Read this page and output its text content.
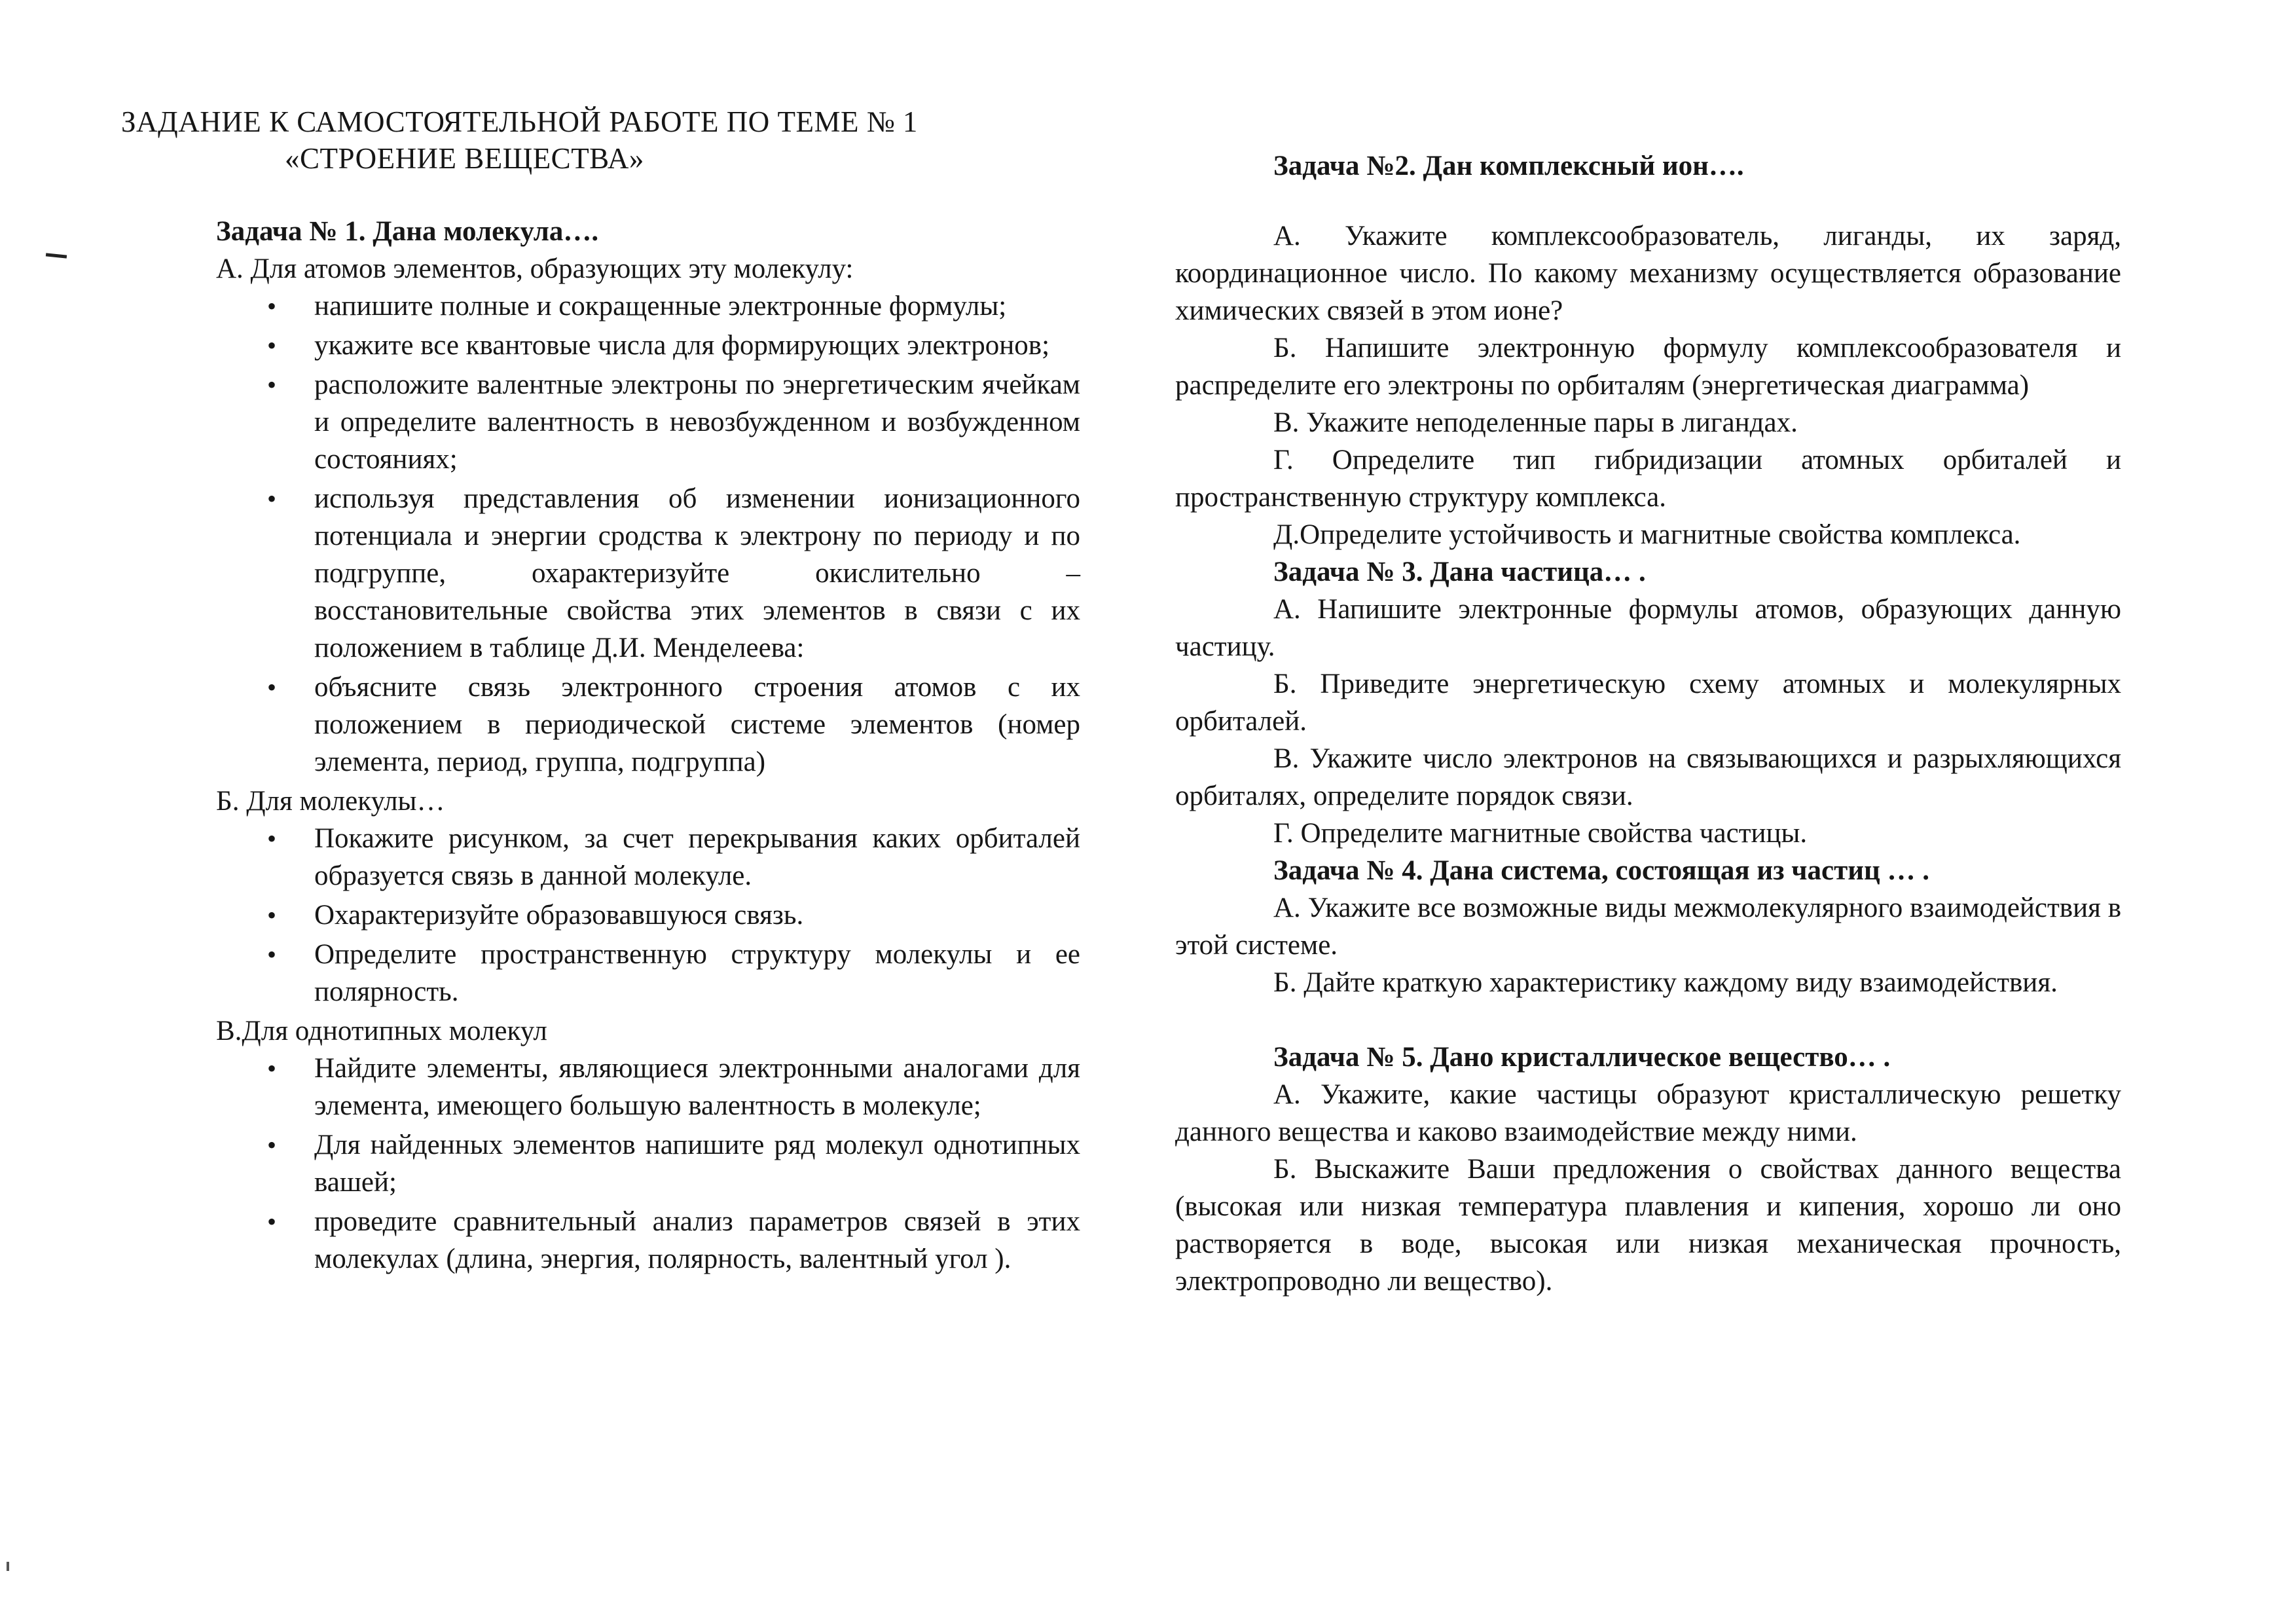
ЗАДАНИЕ К САМОСТОЯТЕЛЬНОЙ РАБОТЕ ПО ТЕМЕ № 1
«СТРОЕНИЕ ВЕЩЕСТВА»
Задача № 1. Дана молекула….

А. Для атомов элементов, образующих эту молекулу:

• напишите полные и сокращенные электронные формулы;
• укажите все квантовые числа для формирующих электронов;
• расположите валентные электроны по энергетическим ячейкам и определите валентность в невозбужденном и возбужденном состояниях;
• используя представления об изменении ионизационного потенциала и энергии сродства к электрону по периоду и по подгруппе, охарактеризуйте окислительно – восстановительные свойства этих элементов в связи с их положением в таблице Д.И. Менделеева:
• объясните связь электронного строения атомов с их положением в периодической системе элементов (номер элемента, период, группа, подгруппа)

Б. Для молекулы…

• Покажите рисунком, за счет перекрывания каких орбиталей образуется связь в данной молекуле.
• Охарактеризуйте образовавшуюся связь.
• Определите пространственную структуру молекулы и ее полярность.

В.Для однотипных молекул

• Найдите элементы, являющиеся электронными аналогами для элемента, имеющего большую валентность в молекуле;
• Для найденных элементов напишите ряд молекул однотипных вашей;
• проведите сравнительный анализ параметров связей в этих молекулах (длина, энергия, полярность, валентный угол ).
Задача №2. Дан комплексный ион….

А. Укажите комплексообразователь, лиганды, их заряд, координационное число. По какому механизму осуществляется образование химических связей в этом ионе?

Б. Напишите электронную формулу комплексообразователя и распределите его электроны по орбиталям (энергетическая диаграмма)

В. Укажите неподеленные пары в лигандах.

Г. Определите тип гибридизации атомных орбиталей и пространственную структуру комплекса.

Д.Определите устойчивость и магнитные свойства комплекса.

Задача № 3. Дана частица… .

А. Напишите электронные формулы атомов, образующих данную частицу.

Б. Приведите энергетическую схему атомных и молекулярных орбиталей.

В. Укажите число электронов на связывающихся и разрыхляющихся орбиталях, определите порядок связи.

Г. Определите магнитные свойства частицы.

Задача № 4. Дана система, состоящая из частиц … .

А. Укажите все возможные виды межмолекулярного взаимодействия в этой системе.

Б. Дайте краткую характеристику каждому виду взаимодействия.

Задача № 5. Дано кристаллическое вещество… .

А. Укажите, какие частицы образуют кристаллическую решетку данного вещества и каково взаимодействие между ними.

Б. Выскажите Ваши предложения о свойствах данного вещества (высокая или низкая температура плавления и кипения, хорошо ли оно растворяется в воде, высокая или низкая механическая прочность, электропроводно ли вещество).
